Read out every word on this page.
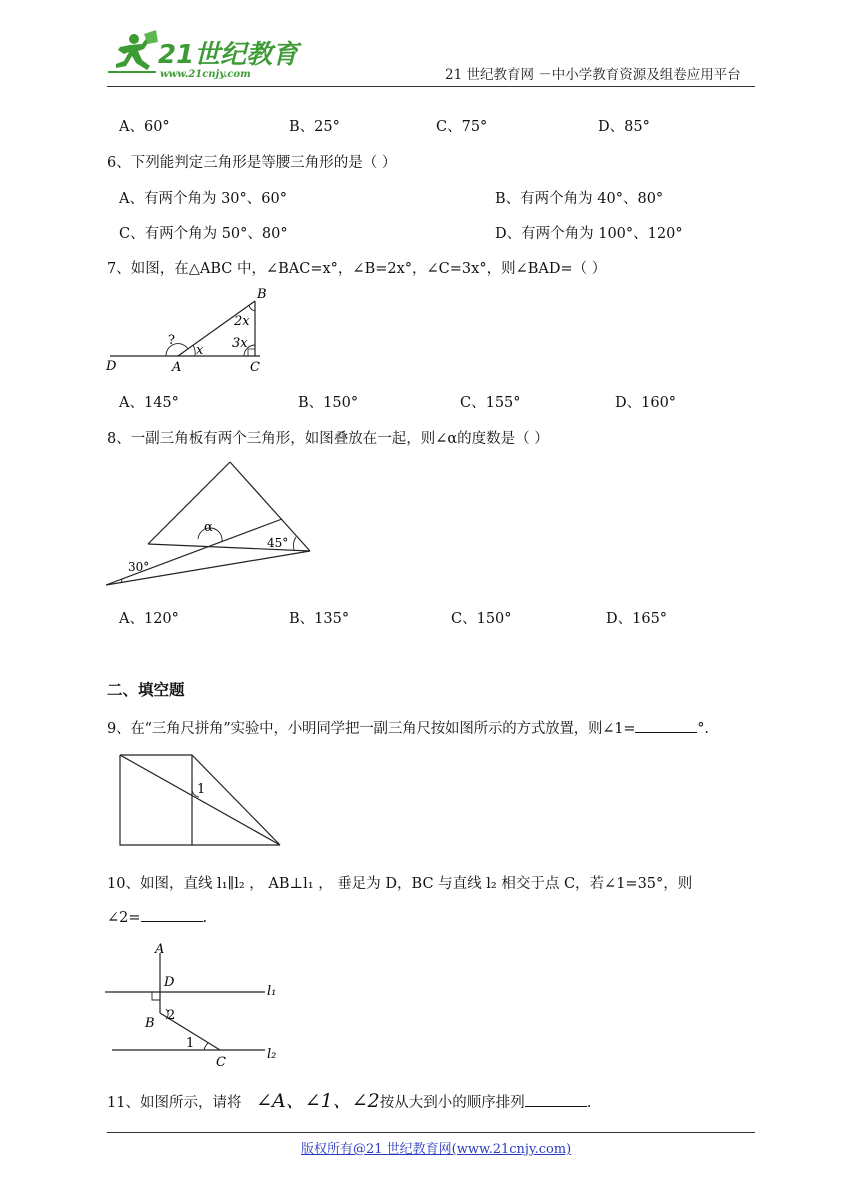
21世纪教育
www.21cnjy.com	21 世纪教育网 －中小学教育资源及组卷应用平台
A、60°	B、25°	C、75°	D、85°
6、下列能判定三角形是等腰三角形的是（ ）
A、有两个角为 30°、60°	B、有两个角为 40°、80°
C、有两个角为 50°、80°	D、有两个角为 100°、120°
7、如图，在△ABC 中，∠BAC=x°，∠B=2x°，∠C=3x°，则∠BAD=（ ）
B
A	C
D
?
x
2x
3x
A、145°	B、150°	C、155°	D、160°
8、一副三角板有两个三角形，如图叠放在一起，则∠α的度数是（ ）
α
45°
30°
A、120°	B、135°	C、150°	D、165°
二、填空题
9、在“三角尺拼角”实验中，小明同学把一副三角尺按如图所示的方式放置，则∠1=	°.
1
10、如图，直线 l₁∥l₂ ， AB⊥l₁ ， 垂足为 D，BC 与直线 l₂ 相交于点 C，若∠1=35°，则
∠2=	.
A
D
B
C
2
1
l₁
l₂
11、如图所示，请将 ∠A、∠1、∠2按从大到小的顺序排列	.
版权所有@21 世纪教育网(www.21cnjy.com)
